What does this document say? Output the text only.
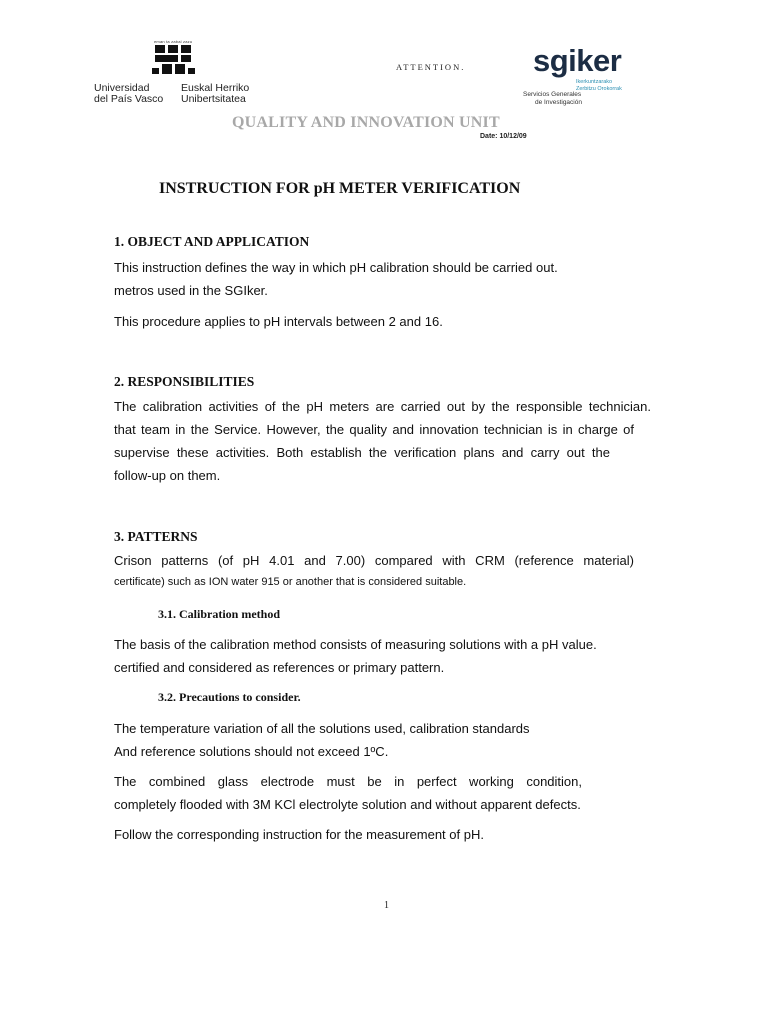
eman ta zabal zazu
Universidad
del País Vasco
Euskal Herriko
Unibertsitatea
ATTENTION. sgiker
Ikerkuntzarako
Zerbitzu Orokorrak
Servicios Generales
de Investigación
QUALITY AND INNOVATION UNIT
Date: 10/12/09
INSTRUCTION FOR pH METER VERIFICATION
1. OBJECT AND APPLICATION
This instruction defines the way in which pH calibration should be carried out.
metros used in the SGIker.
This procedure applies to pH intervals between 2 and 16.
2. RESPONSIBILITIES
The calibration activities of the pH meters are carried out by the responsible technician.
that team in the Service. However, the quality and innovation technician is in charge of
supervise these activities. Both establish the verification plans and carry out the
follow-up on them.
3. PATTERNS
Crison patterns (of pH 4.01 and 7.00) compared with CRM (reference material)
certificate) such as ION water 915 or another that is considered suitable.
3.1. Calibration method
The basis of the calibration method consists of measuring solutions with a pH value.
certified and considered as references or primary pattern.
3.2. Precautions to consider.
The temperature variation of all the solutions used, calibration standards
And reference solutions should not exceed 1ºC.
The combined glass electrode must be in perfect working condition,
completely flooded with 3M KCl electrolyte solution and without apparent defects.
Follow the corresponding instruction for the measurement of pH.
1
